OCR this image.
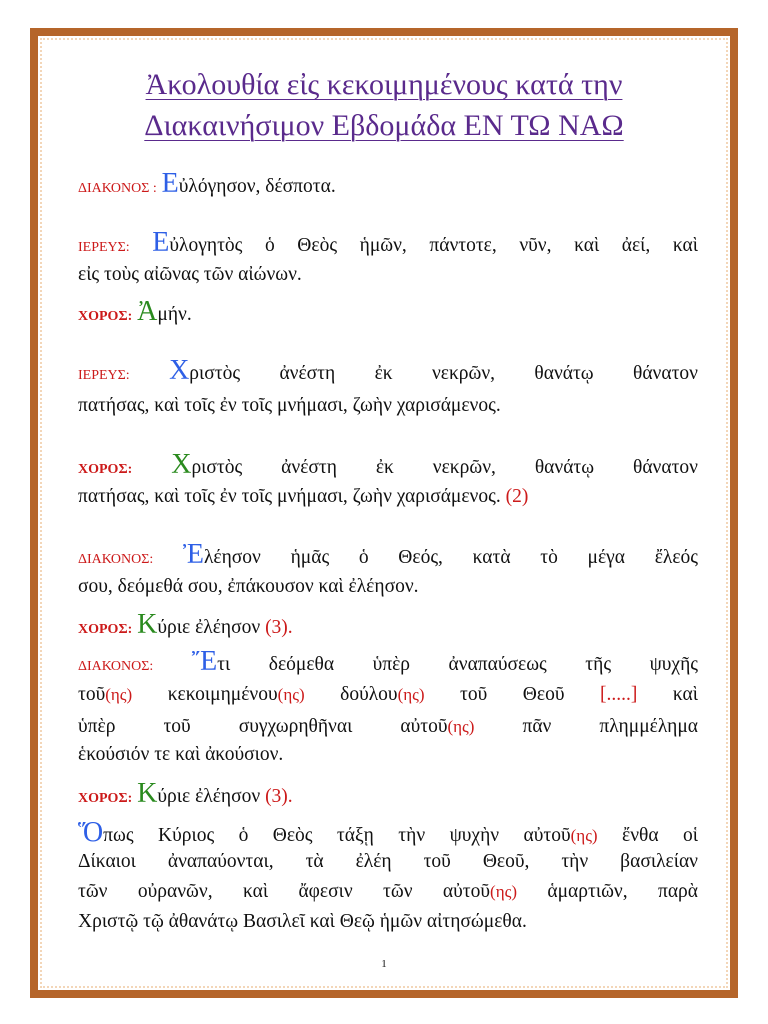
Ἀκολουθία εἰς κεκοιμημένους κατά την
Διακαινήσιμον Εβδομάδα ΕΝ ΤΩ ΝΑΩ
ΔΙΑΚΟΝΟΣ : Εὐλόγησον, δέσποτα.
ΙΕΡΕΥΣ: Εὐλογητὸς ὁ Θεὸς ἡμῶν, πάντοτε, νῦν, καὶ ἀεί, καὶ
εἰς τοὺς αἰῶνας τῶν αἰώνων.
ΧΟΡΟΣ: Ἀμήν.
ΙΕΡΕΥΣ: Χριστὸς ἀνέστη ἐκ νεκρῶν, θανάτῳ θάνατον
πατήσας, καὶ τοῖς ἐν τοῖς μνήμασι, ζωὴν χαρισάμενος.
ΧΟΡΟΣ: Χριστὸς ἀνέστη ἐκ νεκρῶν, θανάτῳ θάνατον
πατήσας, καὶ τοῖς ἐν τοῖς μνήμασι, ζωὴν χαρισάμενος. (2)
ΔΙΑΚΟΝΟΣ: Ἐλέησον ἡμᾶς ὁ Θεός, κατὰ τὸ μέγα ἔλεός
σου, δεόμεθά σου, ἐπάκουσον καὶ ἐλέησον.
ΧΟΡΟΣ: Κύριε ἐλέησον (3).
ΔΙΑΚΟΝΟΣ: Ἔτι δεόμεθα ὑπὲρ ἀναπαύσεως τῆς ψυχῆς
τοῦ(ης) κεκοιμημένου(ης) δούλου(ης) τοῦ Θεοῦ [.....] καὶ
ὑπὲρ τοῦ συγχωρηθῆναι αὐτοῦ(ης) πᾶν πλημμέλημα
ἑκούσιόν τε καὶ ἀκούσιον.
ΧΟΡΟΣ: Κύριε ἐλέησον (3).
Ὅπως Κύριος ὁ Θεὸς τάξῃ τὴν ψυχὴν αὐτοῦ(ης) ἔνθα οἱ
Δίκαιοι ἀναπαύονται, τὰ ἐλέη τοῦ Θεοῦ, τὴν βασιλείαν
τῶν οὐρανῶν, καὶ ἄφεσιν τῶν αὐτοῦ(ης) ἁμαρτιῶν, παρὰ
Χριστῷ τῷ ἀθανάτῳ Βασιλεῖ καὶ Θεῷ ἡμῶν αἰτησώμεθα.
1
